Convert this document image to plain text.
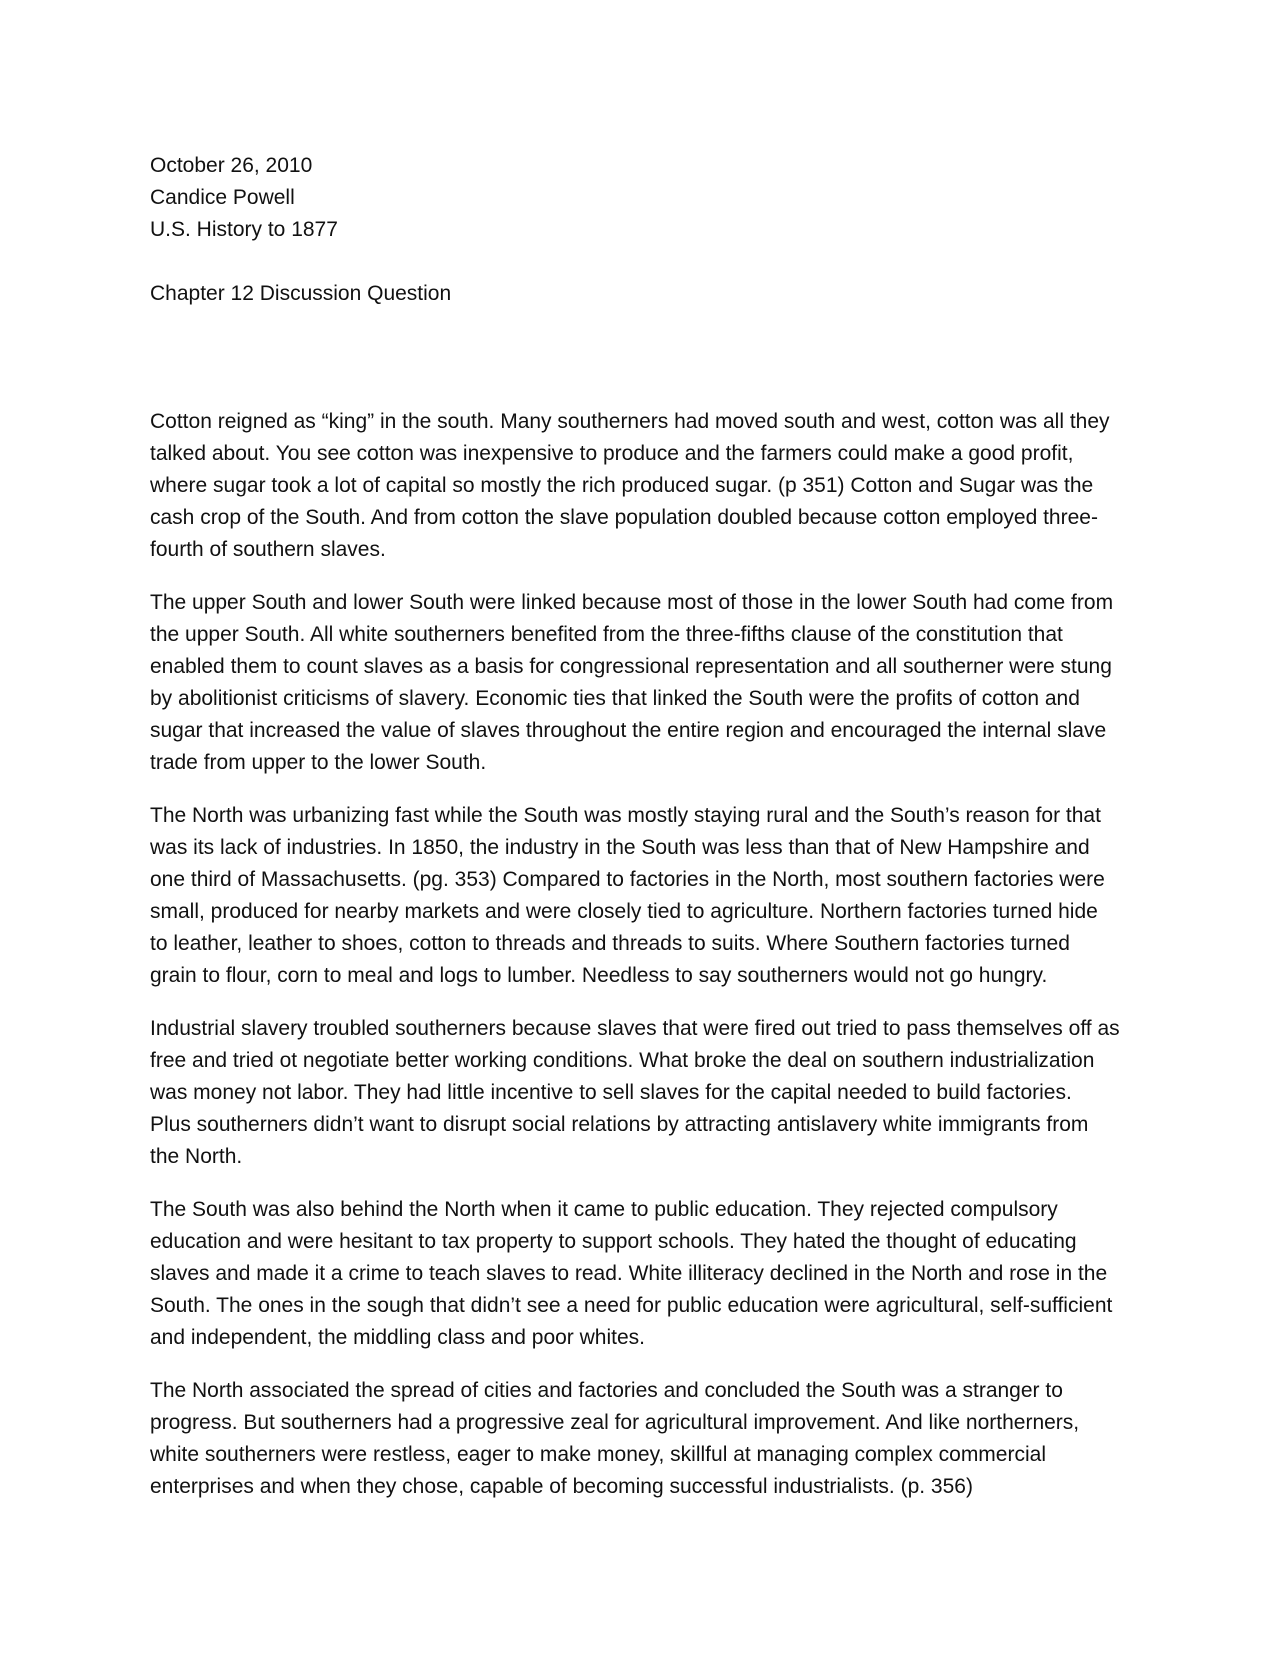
October 26, 2010
Candice Powell
U.S. History to 1877
Chapter 12 Discussion Question
Cotton reigned as “king” in the south. Many southerners had moved south and west, cotton was all they
talked about. You see cotton was inexpensive to produce and the farmers could make a good profit,
where sugar took a lot of capital so mostly the rich produced sugar. (p 351) Cotton and Sugar was the
cash crop of the South. And from cotton the slave population doubled because cotton employed three-
fourth of southern slaves.
The upper South and lower South were linked because most of those in the lower South had come from
the upper South. All white southerners benefited from the three-fifths clause of the constitution that
enabled them to count slaves as a basis for congressional representation and all southerner were stung
by abolitionist criticisms of slavery. Economic ties that linked the South were the profits of cotton and
sugar that increased the value of slaves throughout the entire region and encouraged the internal slave
trade from upper to the lower South.
The North was urbanizing fast while the South was mostly staying rural and the South’s reason for that
was its lack of industries. In 1850, the industry in the South was less than that of New Hampshire and
one third of Massachusetts. (pg. 353) Compared to factories in the North, most southern factories were
small, produced for nearby markets and were closely tied to agriculture. Northern factories turned hide
to leather, leather to shoes, cotton to threads and threads to suits. Where Southern factories turned
grain to flour, corn to meal and logs to lumber. Needless to say southerners would not go hungry.
Industrial slavery troubled southerners because slaves that were fired out tried to pass themselves off as
free and tried ot negotiate better working conditions. What broke the deal on southern industrialization
was money not labor. They had little incentive to sell slaves for the capital needed to build factories.
Plus southerners didn’t want to disrupt social relations by attracting antislavery white immigrants from
the North.
The South was also behind the North when it came to public education. They rejected compulsory
education and were hesitant to tax property to support schools. They hated the thought of educating
slaves and made it a crime to teach slaves to read. White illiteracy declined in the North and rose in the
South. The ones in the sough that didn’t see a need for public education were agricultural, self-sufficient
and independent, the middling class and poor whites.
The North associated the spread of cities and factories and concluded the South was a stranger to
progress. But southerners had a progressive zeal for agricultural improvement. And like northerners,
white southerners were restless, eager to make money, skillful at managing complex commercial
enterprises and when they chose, capable of becoming successful industrialists. (p. 356)
